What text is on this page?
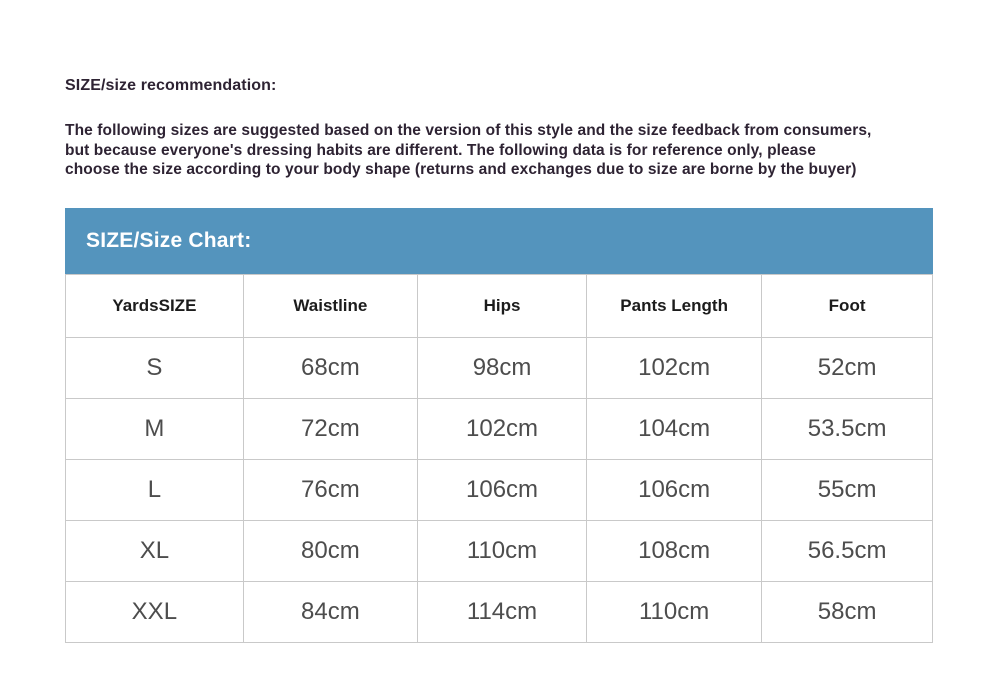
SIZE/size recommendation:
The following sizes are suggested based on the version of this style and the size feedback from consumers,
but because everyone's dressing habits are different. The following data is for reference only, please
choose the size according to your body shape (returns and exchanges due to size are borne by the buyer)
SIZE/Size Chart:
YardsSIZE	Waistline	Hips	Pants Length	Foot
S	68cm	98cm	102cm	52cm
M	72cm	102cm	104cm	53.5cm
L	76cm	106cm	106cm	55cm
XL	80cm	110cm	108cm	56.5cm
XXL	84cm	114cm	110cm	58cm
